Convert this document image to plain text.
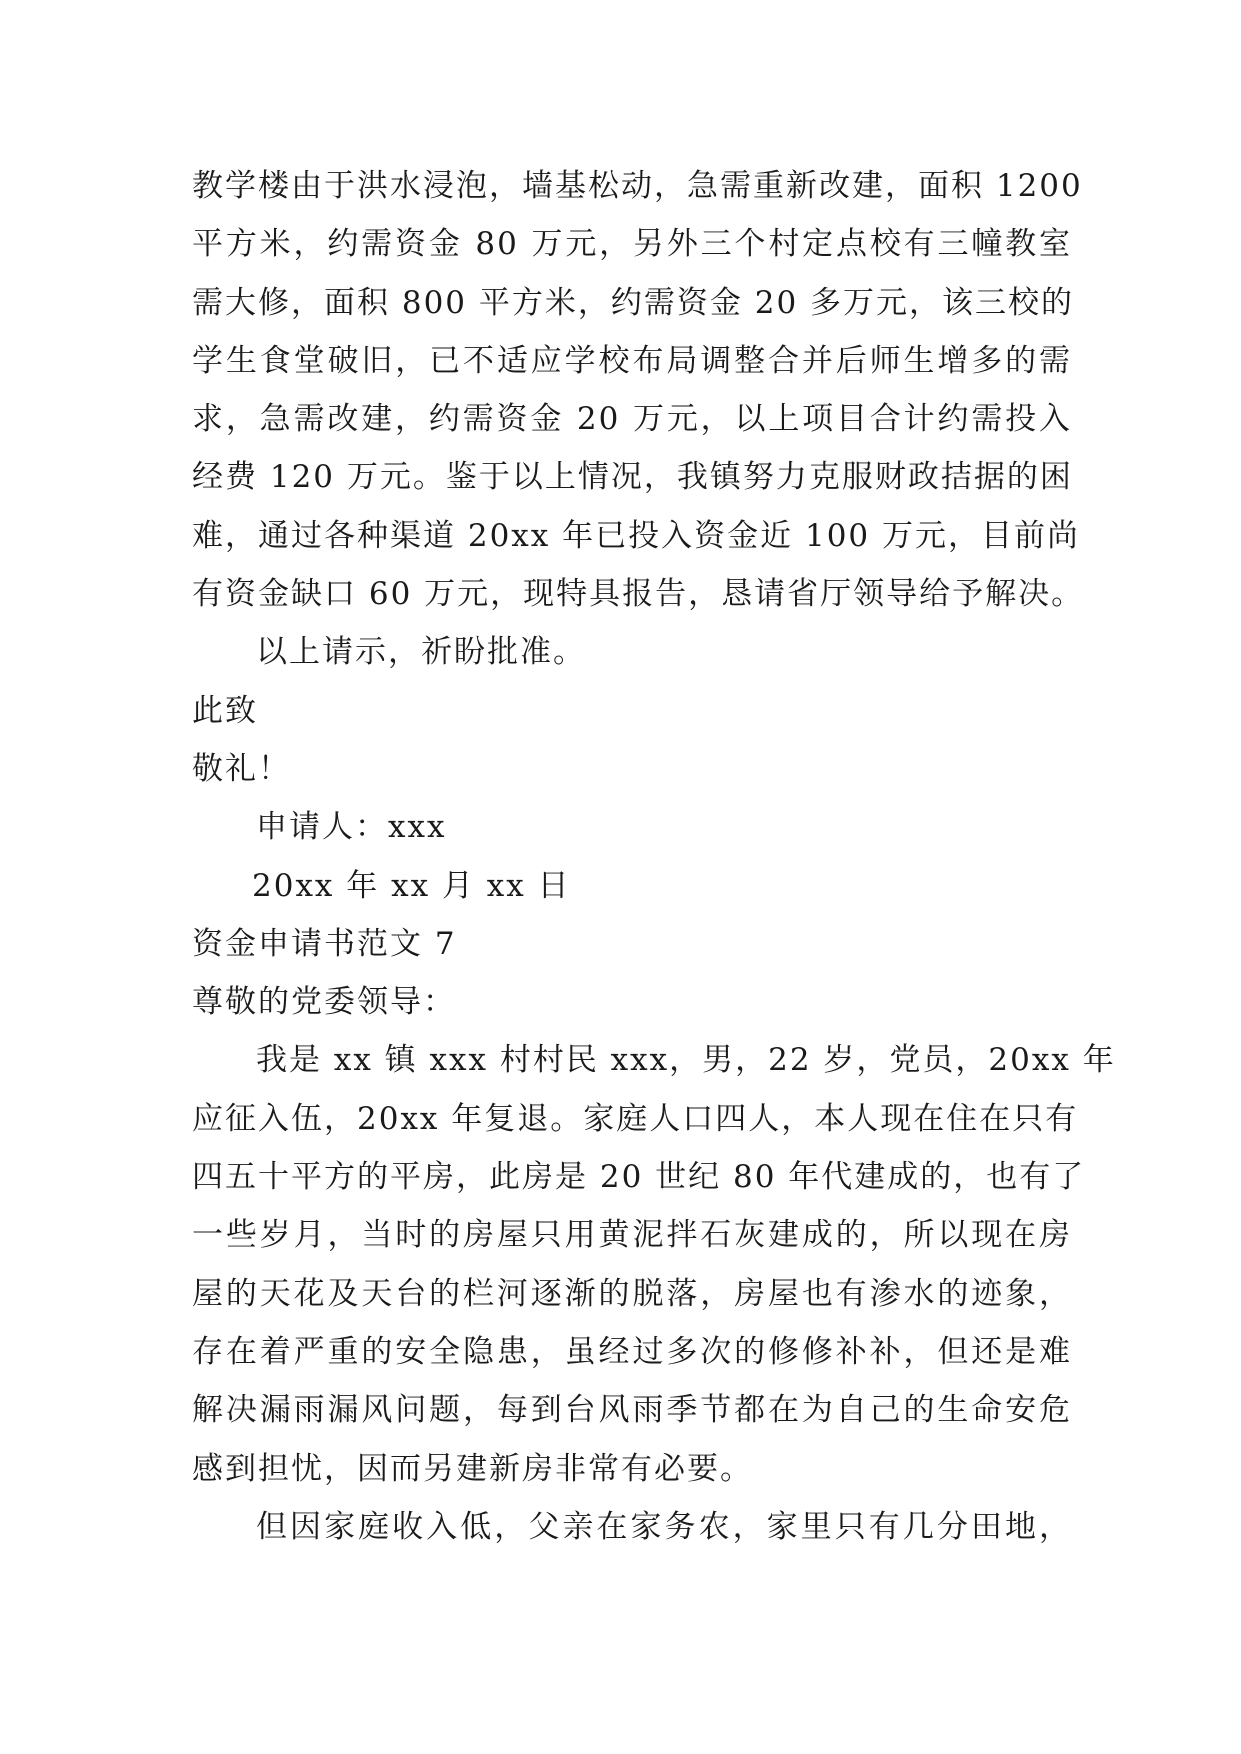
教学楼由于洪水浸泡，墙基松动，急需重新改建，面积 1200
平方米，约需资金 80 万元，另外三个村定点校有三幢教室
需大修，面积 800 平方米，约需资金 20 多万元，该三校的
学生食堂破旧，已不适应学校布局调整合并后师生增多的需
求，急需改建，约需资金 20 万元，以上项目合计约需投入
经费 120 万元。鉴于以上情况，我镇努力克服财政拮据的困
难，通过各种渠道 20xx 年已投入资金近 100 万元，目前尚
有资金缺口 60 万元，现特具报告，恳请省厅领导给予解决。
以上请示，祈盼批准。
此致
敬礼！
申请人：xxx
20xx 年 xx 月 xx 日
资金申请书范文 7
尊敬的党委领导：
我是 xx 镇 xxx 村村民 xxx，男，22 岁，党员，20xx 年
应征入伍，20xx 年复退。家庭人口四人，本人现在住在只有
四五十平方的平房，此房是 20 世纪 80 年代建成的，也有了
一些岁月，当时的房屋只用黄泥拌石灰建成的，所以现在房
屋的天花及天台的栏河逐渐的脱落，房屋也有渗水的迹象，
存在着严重的安全隐患，虽经过多次的修修补补，但还是难
解决漏雨漏风问题，每到台风雨季节都在为自己的生命安危
感到担忧，因而另建新房非常有必要。
但因家庭收入低，父亲在家务农，家里只有几分田地，
